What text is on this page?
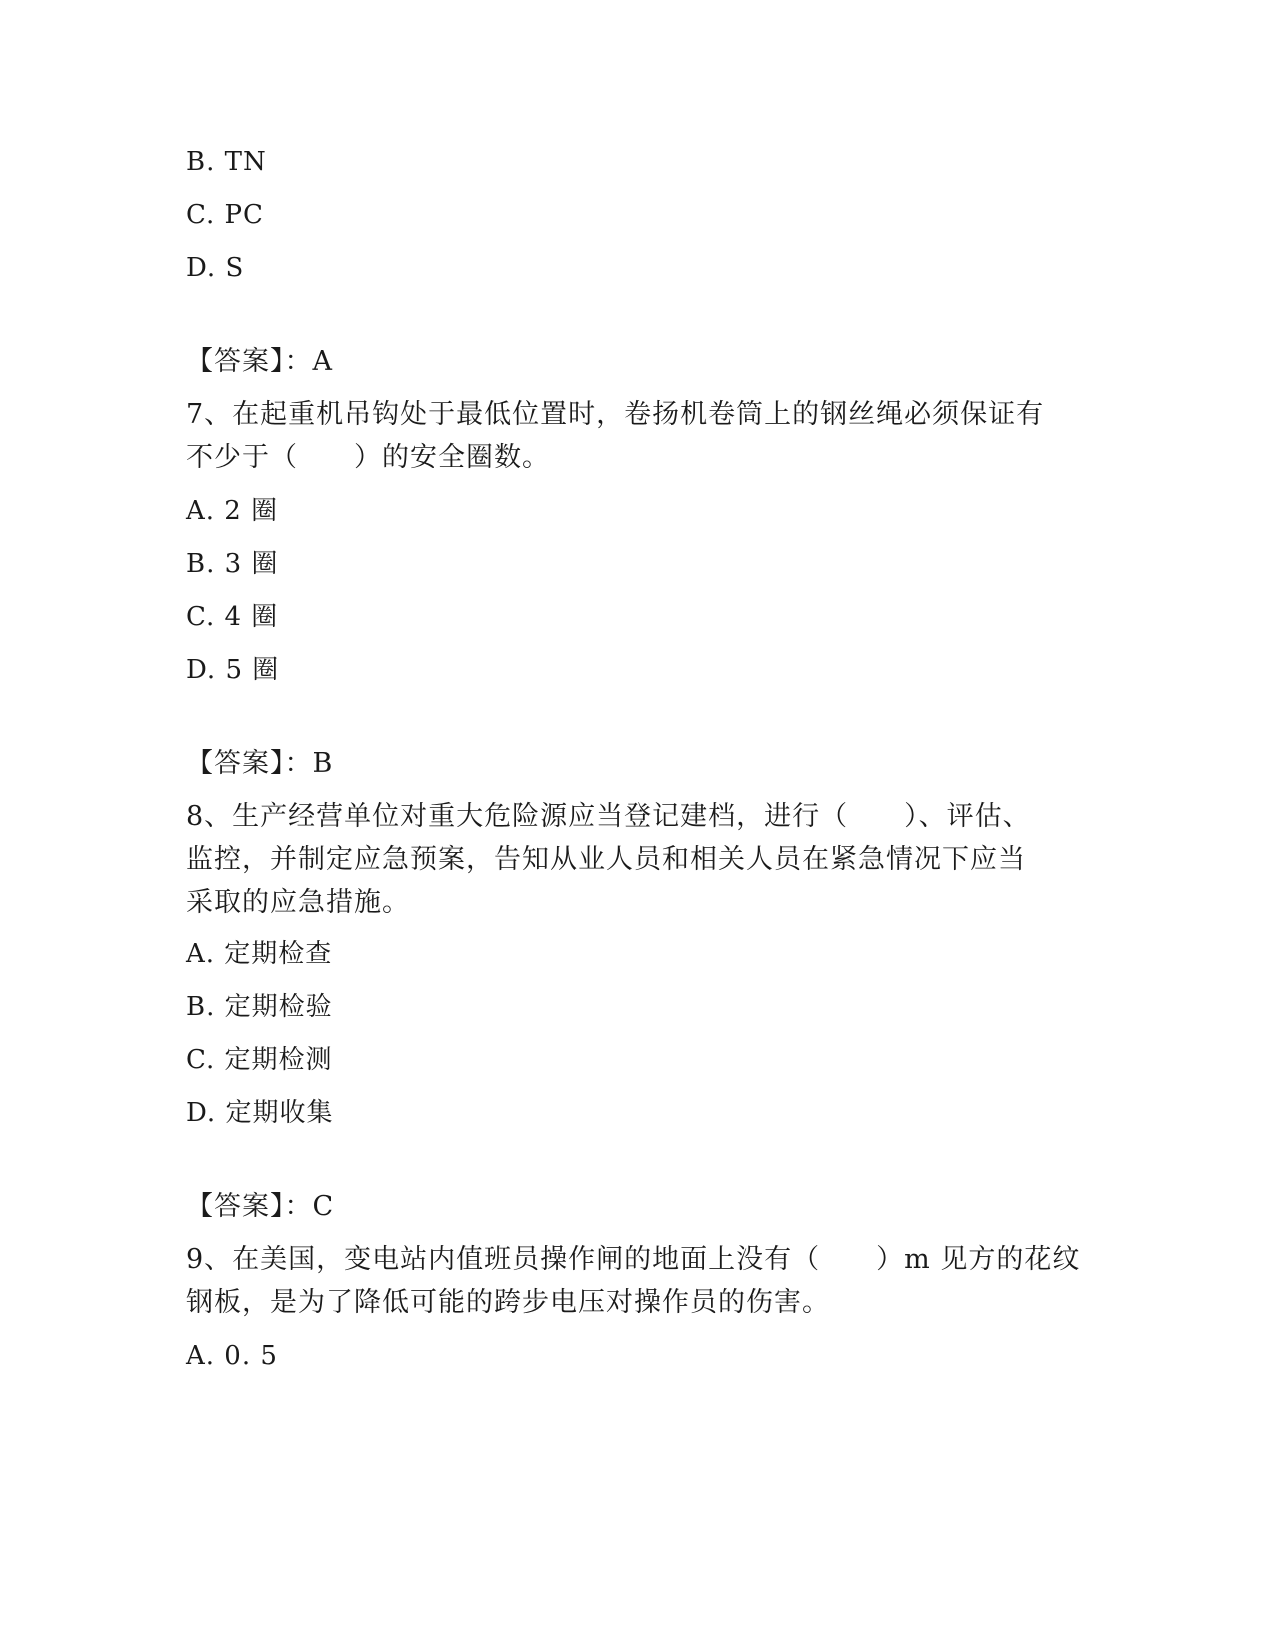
B. TN
C. PC
D. S
【答案】：A
7、在起重机吊钩处于最低位置时，卷扬机卷筒上的钢丝绳必须保证有
不少于（　　）的安全圈数。
A. 2 圈
B. 3 圈
C. 4 圈
D. 5 圈
【答案】：B
8、生产经营单位对重大危险源应当登记建档，进行（　　）、评估、
监控，并制定应急预案，告知从业人员和相关人员在紧急情况下应当
采取的应急措施。
A. 定期检查
B. 定期检验
C. 定期检测
D. 定期收集
【答案】：C
9、在美国，变电站内值班员操作闸的地面上没有（　　）m 见方的花纹
钢板，是为了降低可能的跨步电压对操作员的伤害。
A. 0. 5
